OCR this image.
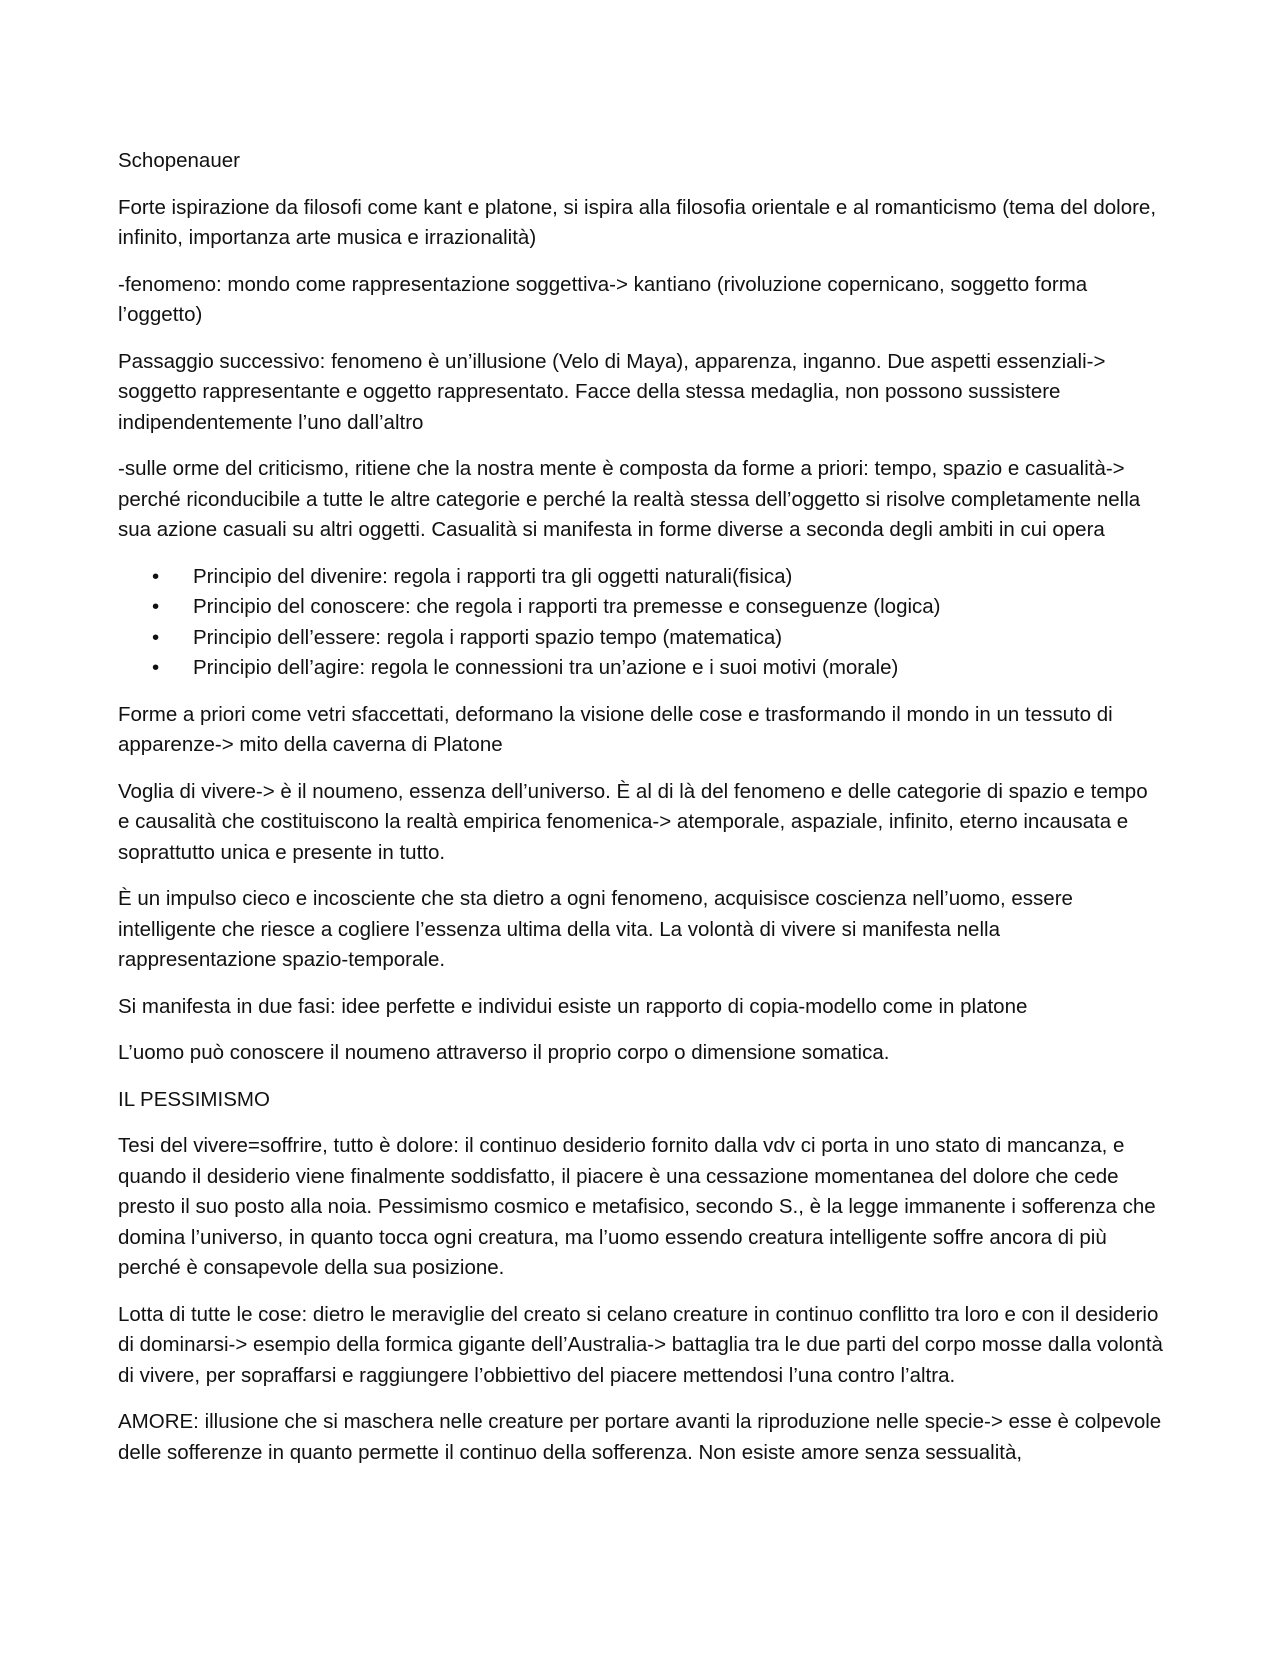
Schopenauer

Forte ispirazione da filosofi come kant e platone, si ispira alla filosofia orientale e al romanticismo (tema del dolore, infinito, importanza arte musica e irrazionalità)

-fenomeno: mondo come rappresentazione soggettiva-> kantiano (rivoluzione copernicano, soggetto forma l’oggetto)

Passaggio successivo: fenomeno è un’illusione (Velo di Maya), apparenza, inganno. Due aspetti essenziali-> soggetto rappresentante e oggetto rappresentato. Facce della stessa medaglia, non possono sussistere indipendentemente l’uno dall’altro

-sulle orme del criticismo, ritiene che la nostra mente è composta da forme a priori: tempo, spazio e casualità-> perché riconducibile a tutte le altre categorie e perché la realtà stessa dell’oggetto si risolve completamente nella sua azione casuali su altri oggetti. Casualità si manifesta in forme diverse a seconda degli ambiti in cui opera

•	Principio del divenire: regola i rapporti tra gli oggetti naturali(fisica)
•	Principio del conoscere: che regola i rapporti tra premesse e conseguenze (logica)
•	Principio dell’essere: regola i rapporti spazio tempo (matematica)
•	Principio dell’agire: regola le connessioni tra un’azione e i suoi motivi (morale)

Forme a priori come vetri sfaccettati, deformano la visione delle cose e trasformando il mondo in un tessuto di apparenze-> mito della caverna di Platone

Voglia di vivere-> è il noumeno, essenza dell’universo. È al di là del fenomeno e delle categorie di spazio e tempo e causalità che costituiscono la realtà empirica fenomenica-> atemporale, aspaziale, infinito, eterno incausata e soprattutto unica e presente in tutto.

È un impulso cieco e incosciente che sta dietro a ogni fenomeno, acquisisce coscienza nell’uomo, essere intelligente che riesce a cogliere l’essenza ultima della vita. La volontà di vivere si manifesta nella rappresentazione spazio-temporale.

Si manifesta in due fasi: idee perfette e individui esiste un rapporto di copia-modello come in platone

L’uomo può conoscere il noumeno attraverso il proprio corpo o dimensione somatica.

IL PESSIMISMO

Tesi del vivere=soffrire, tutto è dolore: il continuo desiderio fornito dalla vdv ci porta in uno stato di mancanza, e quando il desiderio viene finalmente soddisfatto, il piacere è una cessazione momentanea del dolore che cede presto il suo posto alla noia. Pessimismo cosmico e metafisico, secondo S., è la legge immanente i sofferenza che domina l’universo, in quanto tocca ogni creatura, ma l’uomo essendo creatura intelligente soffre ancora di più perché è consapevole della sua posizione.

Lotta di tutte le cose: dietro le meraviglie del creato si celano creature in continuo conflitto tra loro e con il desiderio di dominarsi-> esempio della formica gigante dell’Australia-> battaglia tra le due parti del corpo mosse dalla volontà di vivere, per sopraffarsi e raggiungere l’obbiettivo del piacere mettendosi l’una contro l’altra.

AMORE: illusione che si maschera nelle creature per portare avanti la riproduzione nelle specie-> esse è colpevole delle sofferenze in quanto permette il continuo della sofferenza. Non esiste amore senza sessualità,
